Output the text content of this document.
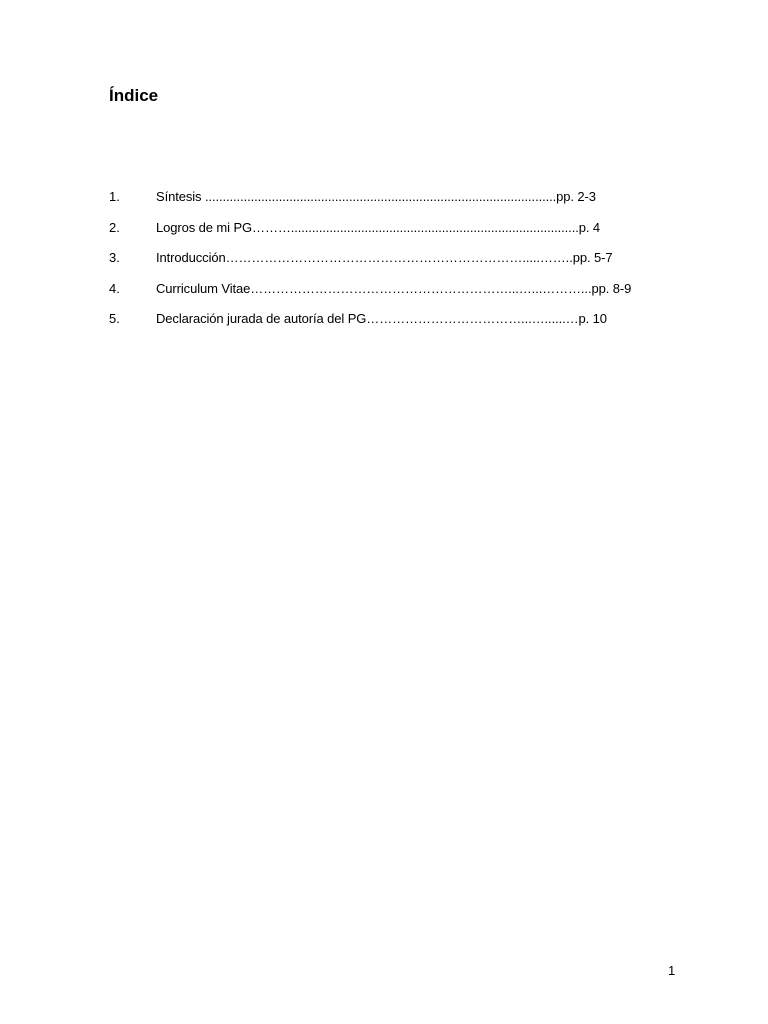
Índice
1.	Síntesis ....................................................................................................pp. 2-3
2.	Logros de mi PG………..................................................................................p. 4
3.	Introducción…………………………………………………………….....……..pp. 5-7
4.	Curriculum Vitae……………………………………………………...…...………...pp. 8-9
5.	Declaración jurada de autoría del PG………………………………...…......…p. 10
1
